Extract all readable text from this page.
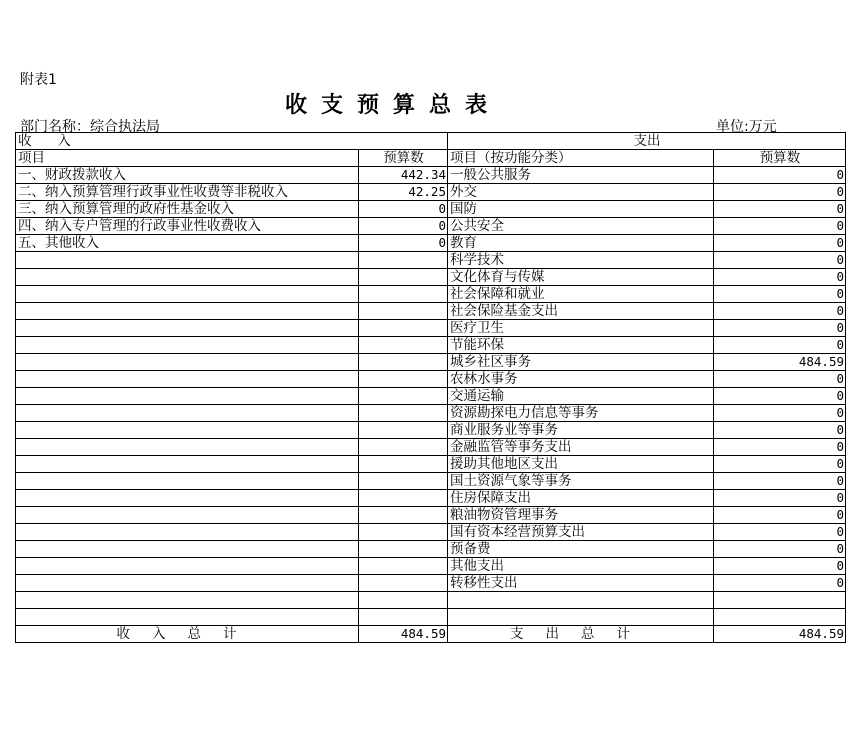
附表1
收支预算总表
部门名称：综合执法局	单位:万元
收      入		支出	
项目	预算数	项目（按功能分类）	预算数
一、财政拨款收入	442.34	一般公共服务	0
二、纳入预算管理行政事业性收费等非税收入	42.25	外交	0
三、纳入预算管理的政府性基金收入	0	国防	0
四、纳入专户管理的行政事业性收费收入	0	公共安全	0
五、其他收入	0	教育	0
		科学技术	0
		文化体育与传媒	0
		社会保障和就业	0
		社会保险基金支出	0
		医疗卫生	0
		节能环保	0
		城乡社区事务	484.59
		农林水事务	0
		交通运输	0
		资源勘探电力信息等事务	0
		商业服务业等事务	0
		金融监管等事务支出	0
		援助其他地区支出	0
		国土资源气象等事务	0
		住房保障支出	0
		粮油物资管理事务	0
		国有资本经营预算支出	0
		预备费	0
		其他支出	0
		转移性支出	0

收入总计	484.59	支出总计	484.59
